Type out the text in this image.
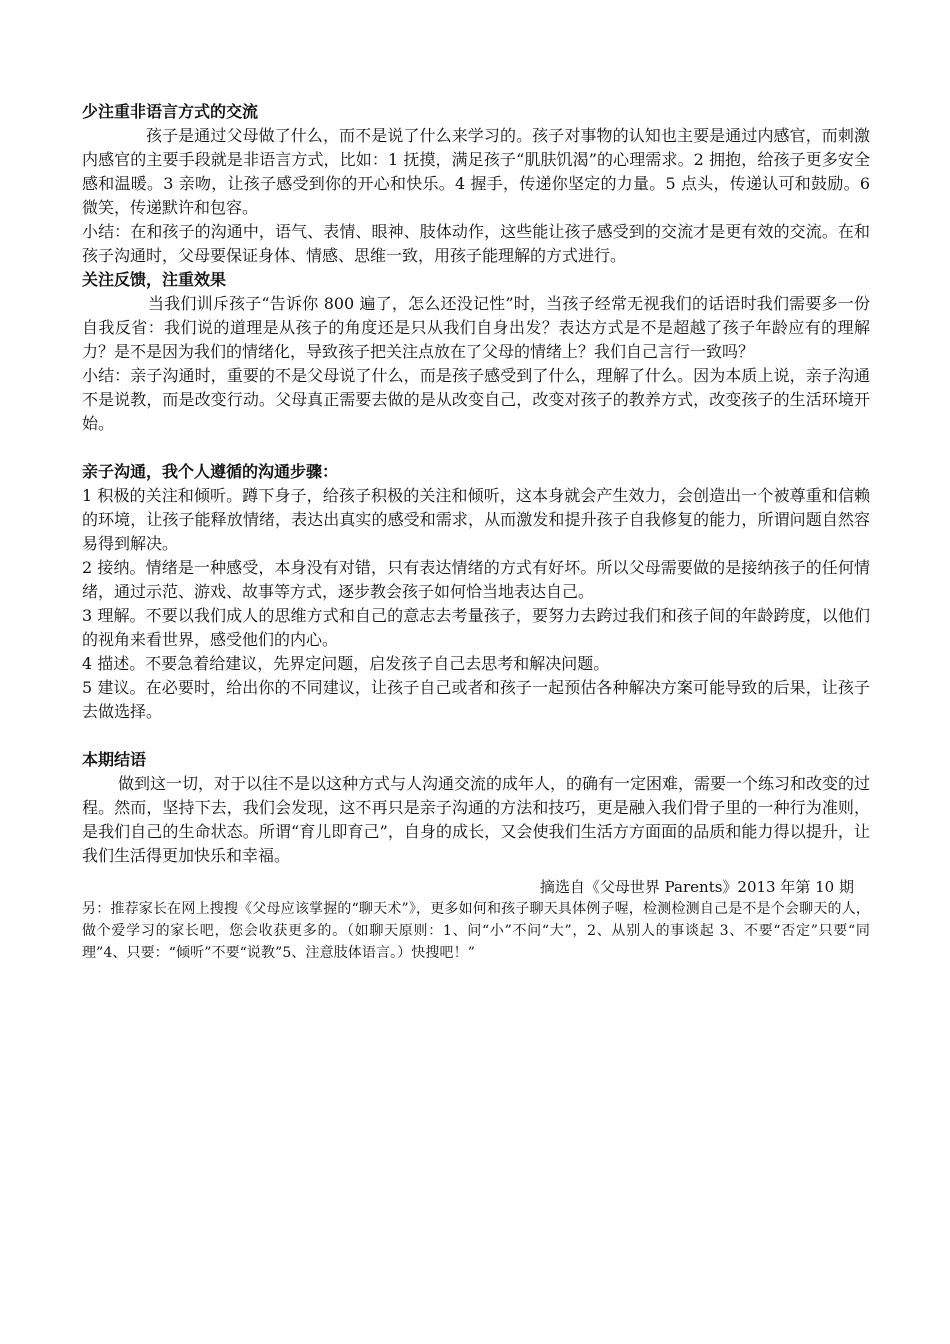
少注重非语言方式的交流

孩子是通过父母做了什么，而不是说了什么来学习的。孩子对事物的认知也主要是通过内感官，而刺激内感官的主要手段就是非语言方式，比如：1 抚摸，满足孩子“肌肤饥渴”的心理需求。2 拥抱，给孩子更多安全感和温暖。3 亲吻，让孩子感受到你的开心和快乐。4 握手，传递你坚定的力量。5 点头，传递认可和鼓励。6 微笑，传递默许和包容。

小结：在和孩子的沟通中，语气、表情、眼神、肢体动作，这些能让孩子感受到的交流才是更有效的交流。在和孩子沟通时，父母要保证身体、情感、思维一致，用孩子能理解的方式进行。

关注反馈，注重效果

当我们训斥孩子“告诉你 800 遍了，怎么还没记性”时，当孩子经常无视我们的话语时我们需要多一份自我反省：我们说的道理是从孩子的角度还是只从我们自身出发？表达方式是不是超越了孩子年龄应有的理解力？是不是因为我们的情绪化，导致孩子把关注点放在了父母的情绪上？我们自己言行一致吗？

小结：亲子沟通时，重要的不是父母说了什么，而是孩子感受到了什么，理解了什么。因为本质上说，亲子沟通不是说教，而是改变行动。父母真正需要去做的是从改变自己，改变对孩子的教养方式，改变孩子的生活环境开始。

亲子沟通，我个人遵循的沟通步骤：

1 积极的关注和倾听。蹲下身子，给孩子积极的关注和倾听，这本身就会产生效力，会创造出一个被尊重和信赖的环境，让孩子能释放情绪，表达出真实的感受和需求，从而激发和提升孩子自我修复的能力，所谓问题自然容易得到解决。

2 接纳。情绪是一种感受，本身没有对错，只有表达情绪的方式有好坏。所以父母需要做的是接纳孩子的任何情绪，通过示范、游戏、故事等方式，逐步教会孩子如何恰当地表达自己。

3 理解。不要以我们成人的思维方式和自己的意志去考量孩子，要努力去跨过我们和孩子间的年龄跨度，以他们的视角来看世界，感受他们的内心。

4 描述。不要急着给建议，先界定问题，启发孩子自己去思考和解决问题。

5 建议。在必要时，给出你的不同建议，让孩子自己或者和孩子一起预估各种解决方案可能导致的后果，让孩子去做选择。

本期结语

做到这一切，对于以往不是以这种方式与人沟通交流的成年人，的确有一定困难，需要一个练习和改变的过程。然而，坚持下去，我们会发现，这不再只是亲子沟通的方法和技巧，更是融入我们骨子里的一种行为准则，是我们自己的生命状态。所谓“育儿即育己”，自身的成长，又会使我们生活方方面面的品质和能力得以提升，让我们生活得更加快乐和幸福。

摘选自《父母世界 Parents》2013 年第 10 期
另：推荐家长在网上搜搜《父母应该掌握的“聊天术”》，更多如何和孩子聊天具体例子喔，检测检测自己是不是个会聊天的人，做个爱学习的家长吧，您会收获更多的。（如聊天原则：1、问“小”不问“大”，2、从别人的事谈起 3、不要“否定”只要“同理”4、只要：“倾听”不要“说教”5、注意肢体语言。）快搜吧！”
